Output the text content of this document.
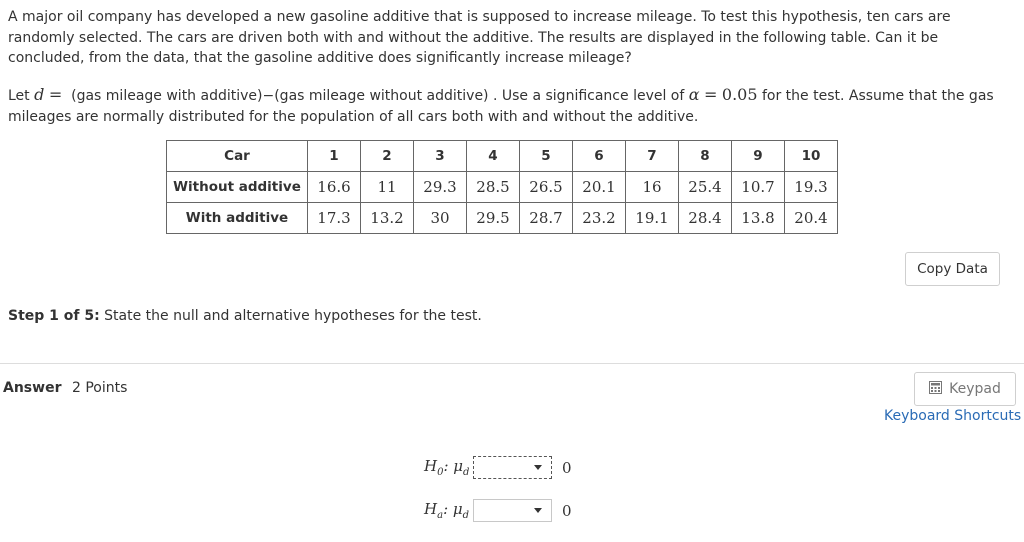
A major oil company has developed a new gasoline additive that is supposed to increase mileage. To test this hypothesis, ten cars are randomly selected. The cars are driven both with and without the additive. The results are displayed in the following table. Can it be concluded, from the data, that the gasoline additive does significantly increase mileage?
Let d = (gas mileage with additive)−(gas mileage without additive) . Use a significance level of α = 0.05 for the test. Assume that the gas mileages are normally distributed for the population of all cars both with and without the additive.
Car	1	2	3	4	5	6	7	8	9	10
Without additive	16.6	11	29.3	28.5	26.5	20.1	16	25.4	10.7	19.3
With additive	17.3	13.2	30	29.5	28.7	23.2	19.1	28.4	13.8	20.4
Copy Data
Step 1 of 5: State the null and alternative hypotheses for the test.
Answer 2 Points	Keypad
Keyboard Shortcuts
$H_0$: $\mu_d$	0
$H_a$: $\mu_d$	0
